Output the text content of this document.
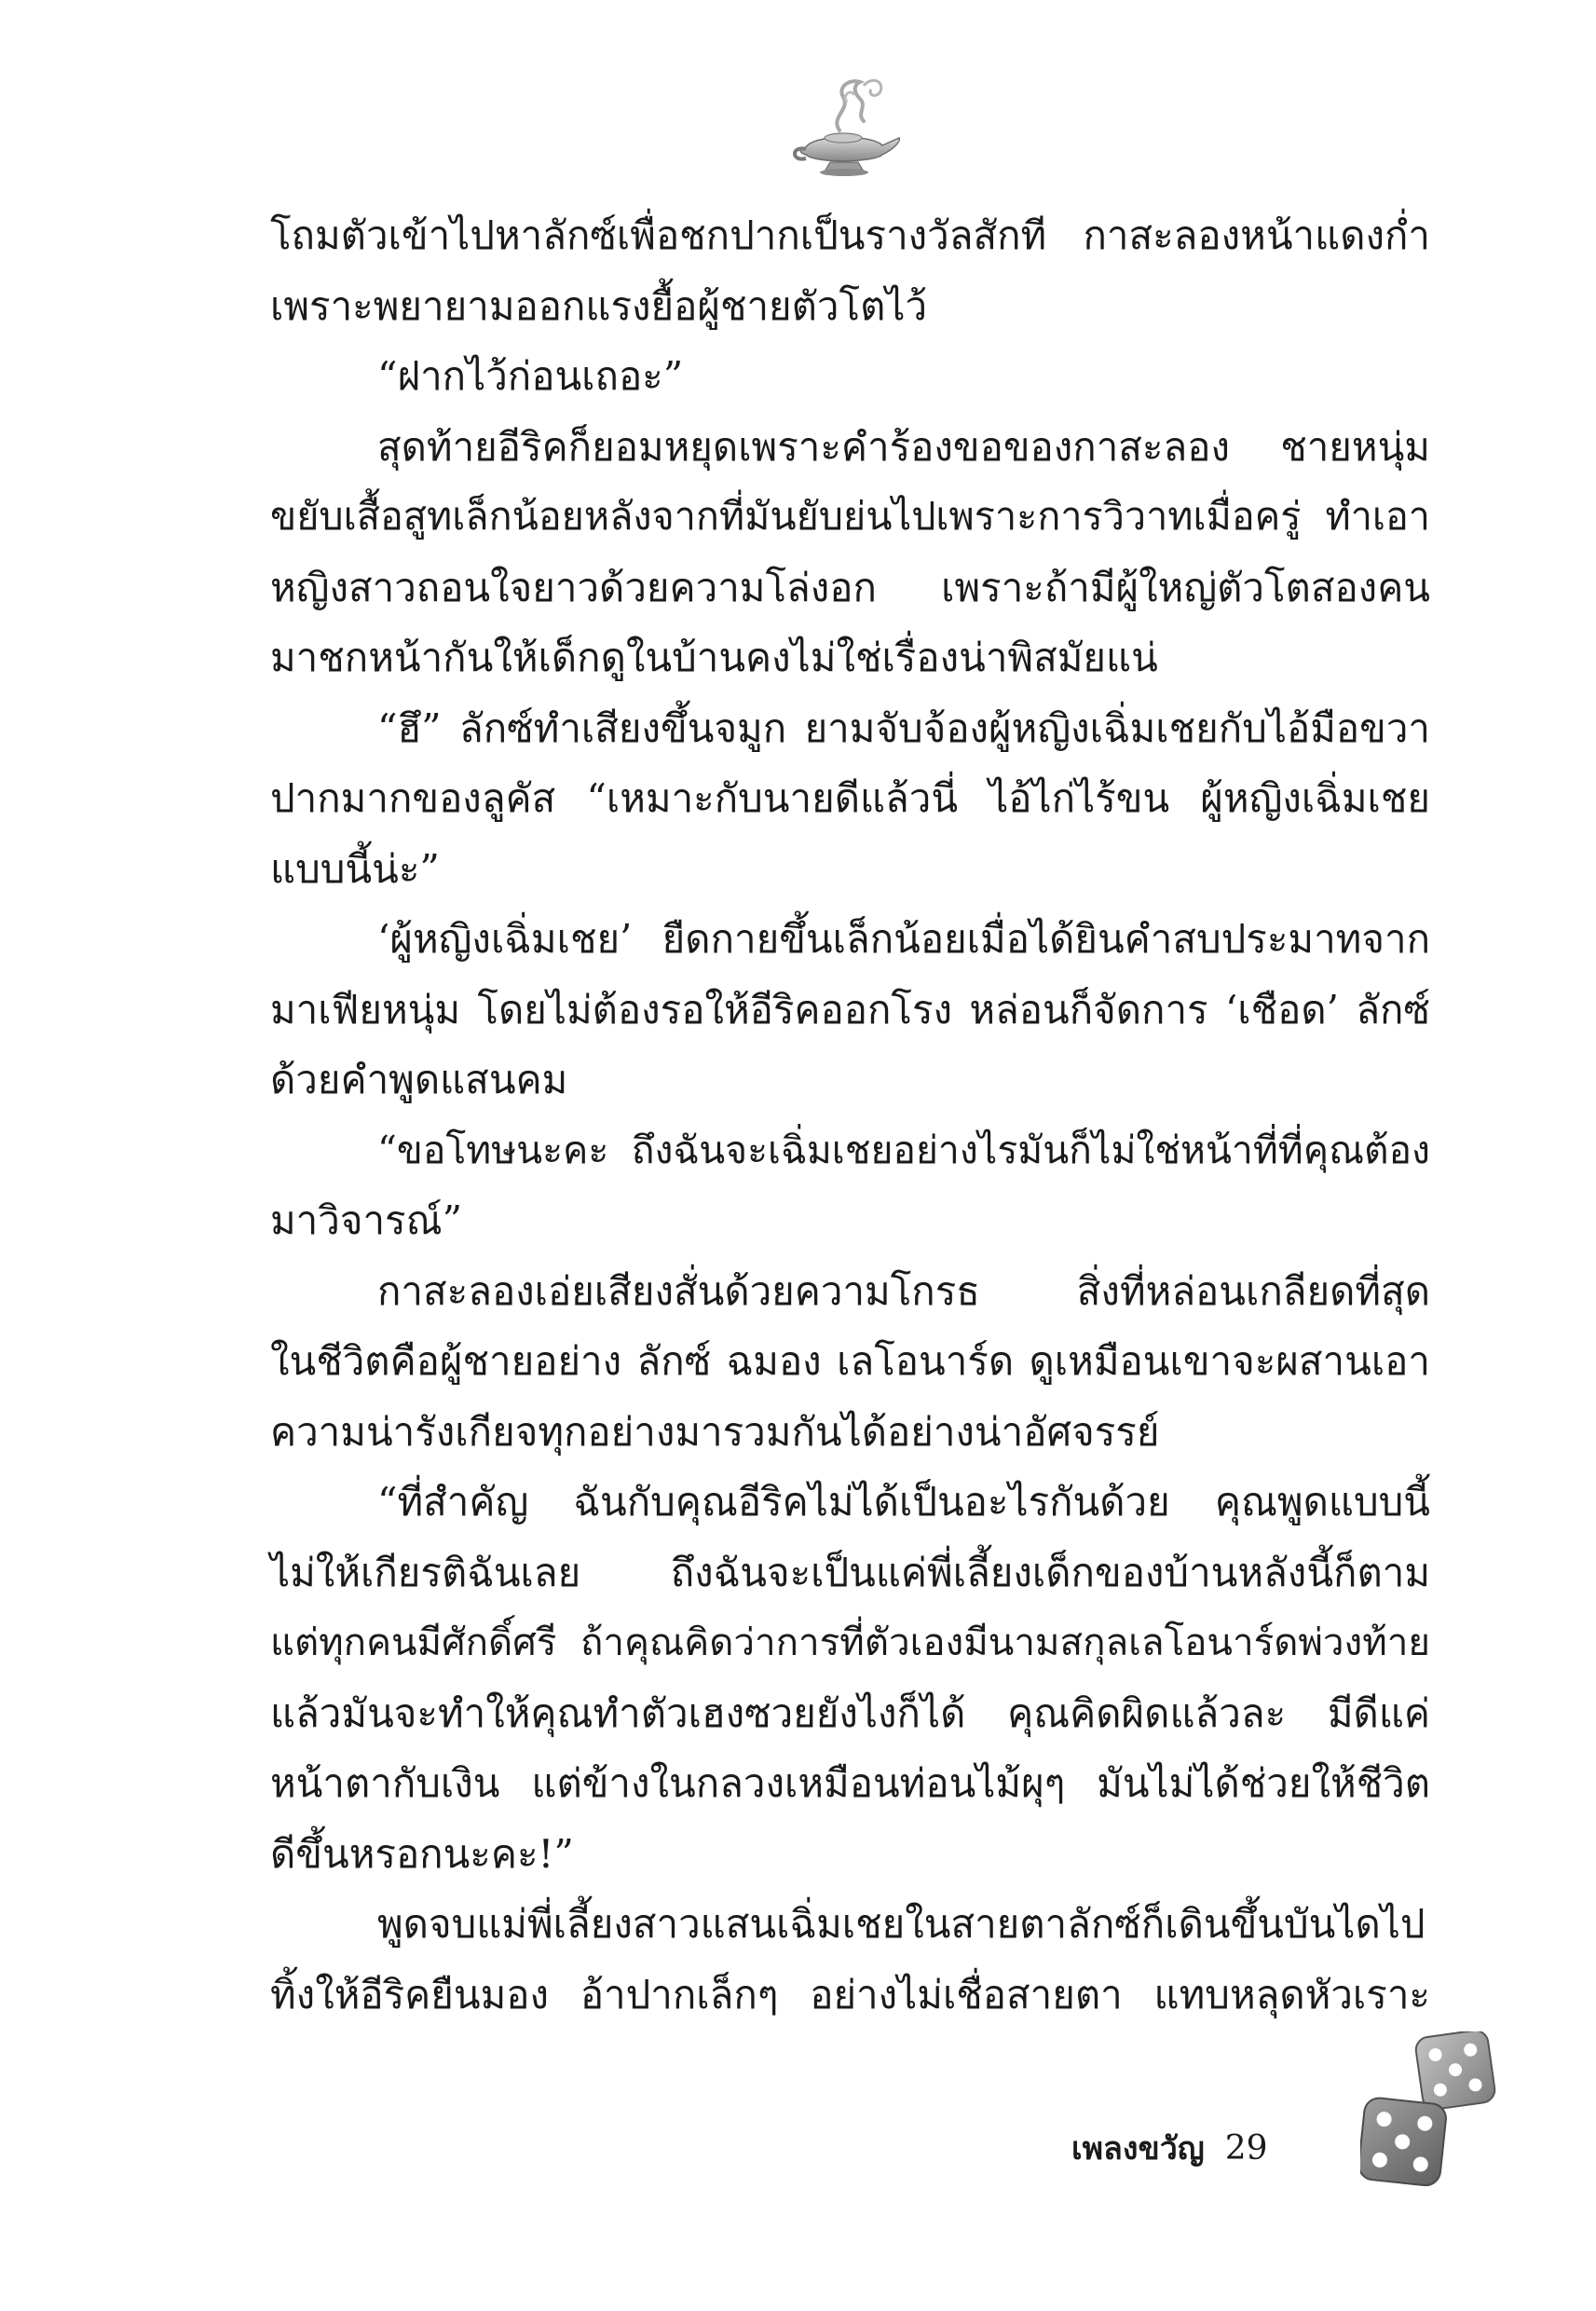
โถมตัวเข้าไปหาลักซ์เพื่อชกปากเป็นรางวัลสักที กาสะลองหน้าแดงก่ำ
เพราะพยายามออกแรงยื้อผู้ชายตัวโตไว้
“ฝากไว้ก่อนเถอะ”
สุดท้ายอีริคก็ยอมหยุดเพราะคำร้องขอของกาสะลอง ชายหนุ่ม
ขยับเสื้อสูทเล็กน้อยหลังจากที่มันยับย่นไปเพราะการวิวาทเมื่อครู่ ทำเอา
หญิงสาวถอนใจยาวด้วยความโล่งอก เพราะถ้ามีผู้ใหญ่ตัวโตสองคน
มาชกหน้ากันให้เด็กดูในบ้านคงไม่ใช่เรื่องน่าพิสมัยแน่
“ฮึ” ลักซ์ทำเสียงขึ้นจมูก ยามจับจ้องผู้หญิงเฉิ่มเชยกับไอ้มือขวา
ปากมากของลูคัส “เหมาะกับนายดีแล้วนี่ ไอ้ไก่ไร้ขน ผู้หญิงเฉิ่มเชย
แบบนี้น่ะ”
‘ผู้หญิงเฉิ่มเชย’ ยืดกายขึ้นเล็กน้อยเมื่อได้ยินคำสบประมาทจาก
มาเฟียหนุ่ม โดยไม่ต้องรอให้อีริคออกโรง หล่อนก็จัดการ ‘เชือด’ ลักซ์
ด้วยคำพูดแสนคม
“ขอโทษนะคะ ถึงฉันจะเฉิ่มเชยอย่างไรมันก็ไม่ใช่หน้าที่ที่คุณต้อง
มาวิจารณ์”
กาสะลองเอ่ยเสียงสั่นด้วยความโกรธ สิ่งที่หล่อนเกลียดที่สุด
ในชีวิตคือผู้ชายอย่าง ลักซ์ ฉมอง เลโอนาร์ด ดูเหมือนเขาจะผสานเอา
ความน่ารังเกียจทุกอย่างมารวมกันได้อย่างน่าอัศจรรย์
“ที่สำคัญ ฉันกับคุณอีริคไม่ได้เป็นอะไรกันด้วย คุณพูดแบบนี้
ไม่ให้เกียรติฉันเลย ถึงฉันจะเป็นแค่พี่เลี้ยงเด็กของบ้านหลังนี้ก็ตาม
แต่ทุกคนมีศักดิ์ศรี ถ้าคุณคิดว่าการที่ตัวเองมีนามสกุลเลโอนาร์ดพ่วงท้าย
แล้วมันจะทำให้คุณทำตัวเฮงซวยยังไงก็ได้ คุณคิดผิดแล้วละ มีดีแค่
หน้าตากับเงิน แต่ข้างในกลวงเหมือนท่อนไม้ผุๆ มันไม่ได้ช่วยให้ชีวิต
ดีขึ้นหรอกนะคะ!”
พูดจบแม่พี่เลี้ยงสาวแสนเฉิ่มเชยในสายตาลักซ์ก็เดินขึ้นบันไดไป
ทิ้งให้อีริคยืนมอง อ้าปากเล็กๆ อย่างไม่เชื่อสายตา แทบหลุดหัวเราะ
เพลงขวัญ 29
